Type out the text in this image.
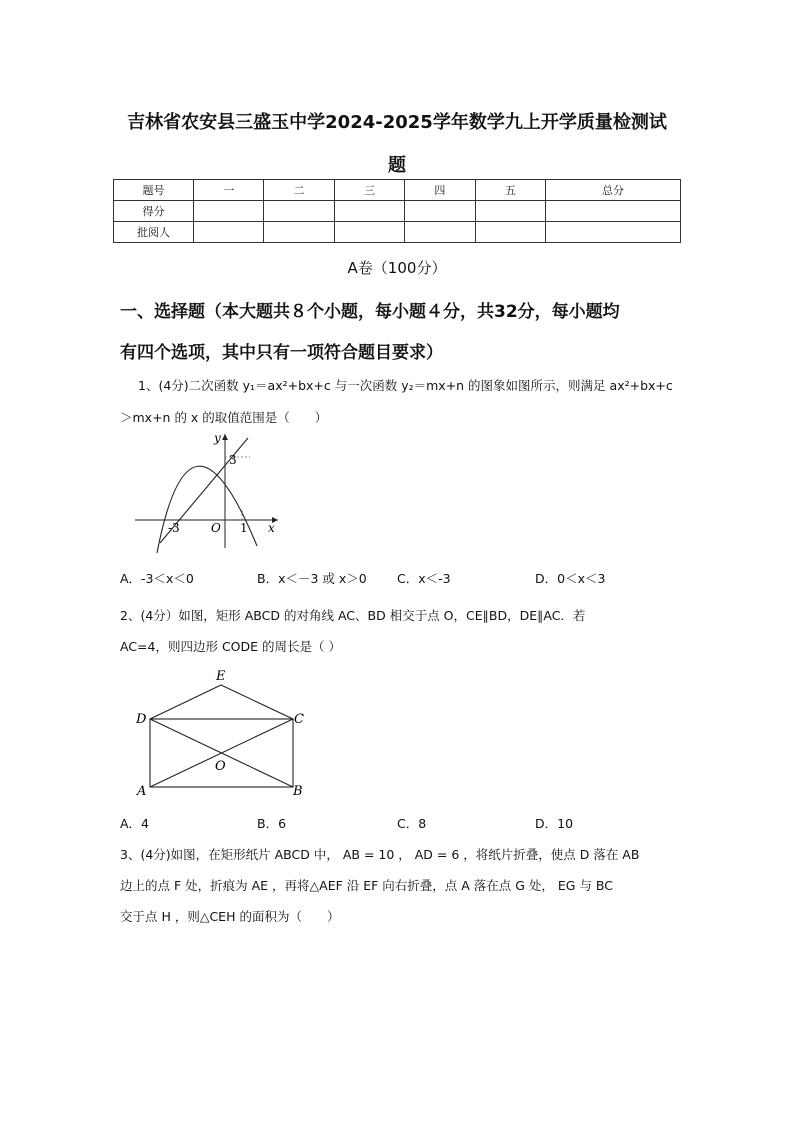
吉林省农安县三盛玉中学2024-2025学年数学九上开学质量检测试
题
题号	一	二	三	四	五	总分
得分						
批阅人						
A卷（100分）
一、选择题（本大题共８个小题，每小题４分，共32分，每小题均
有四个选项，其中只有一项符合题目要求）
1、(4分)二次函数 y₁＝ax²+bx+c 与一次函数 y₂＝mx+n 的图象如图所示，则满足 ax²+bx+c
＞mx+n 的 x 的取值范围是（　　）
y
x
3
-3	O 1
A．-3＜x＜0	B．x＜－3 或 x＞0 C．x＜-3	D．0＜x＜3
2、(4分）如图，矩形 ABCD 的对角线 AC、BD 相交于点 O，CE∥BD，DE∥AC．若
AC=4，则四边形 CODE 的周长是（ ）
E
D	C
O
A	B
A．4	B．6	C．8	D．10
3、(4分)如图，在矩形纸片 ABCD 中， AB = 10 ， AD = 6 ，将纸片折叠，使点 D 落在 AB
边上的点 F 处，折痕为 AE ，再将△AEF 沿 EF 向右折叠，点 A 落在点 G 处， EG 与 BC
交于点 H ，则△CEH 的面积为（　　）
